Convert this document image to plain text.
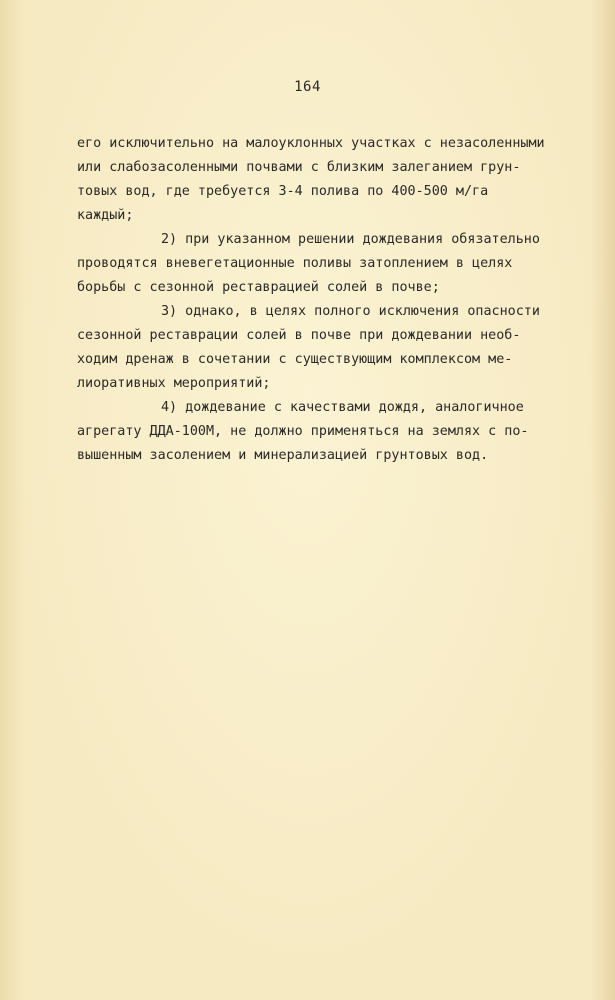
164
его исключительно на малоуклонных участках с незасоленными
или слабозасоленными почвами с близким залеганием грун-
товых вод, где требуется 3-4 полива по 400-500 м/га
каждый;
2) при указанном решении дождевания обязательно
проводятся вневегетационные поливы затоплением в целях
борьбы с сезонной реставрацией солей в почве;
3) однако, в целях полного исключения опасности
сезонной реставрации солей в почве при дождевании необ-
ходим дренаж в сочетании с существующим комплексом ме-
лиоративных мероприятий;
4) дождевание с качествами дождя, аналогичное
агрегату ДДА-100М, не должно применяться на землях с по-
вышенным засолением и минерализацией грунтовых вод.
